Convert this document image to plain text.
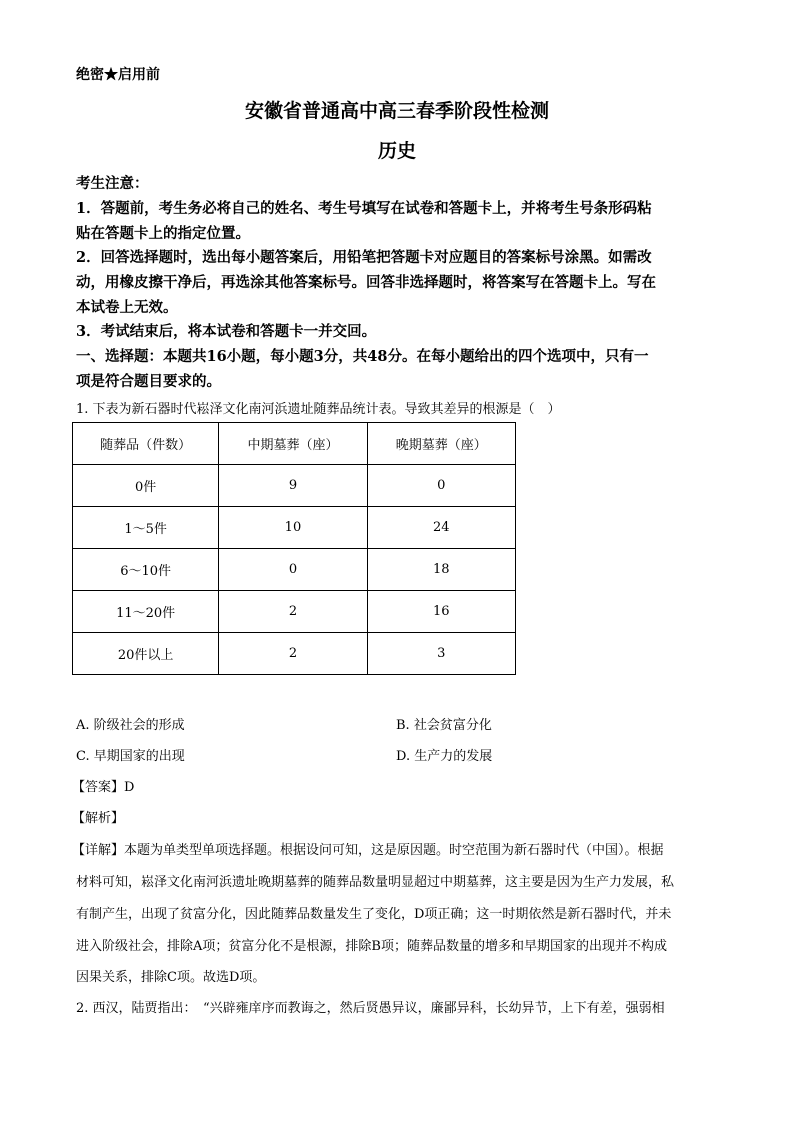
绝密★启用前
安徽省普通高中高三春季阶段性检测
历史
考生注意：
1．答题前，考生务必将自己的姓名、考生号填写在试卷和答题卡上，并将考生号条形码粘
贴在答题卡上的指定位置。
2．回答选择题时，选出每小题答案后，用铅笔把答题卡对应题目的答案标号涂黑。如需改
动，用橡皮擦干净后，再选涂其他答案标号。回答非选择题时，将答案写在答题卡上。写在
本试卷上无效。
3．考试结束后，将本试卷和答题卡一并交回。
一、选择题：本题共16小题，每小题3分，共48分。在每小题给出的四个选项中，只有一
项是符合题目要求的。
1. 下表为新石器时代崧泽文化南河浜遗址随葬品统计表。导致其差异的根源是（　）
随葬品（件数）	中期墓葬（座）	晚期墓葬（座）
0件	9	0
1～5件	10	24
6～10件	0	18
11～20件	2	16
20件以上	2	3
A. 阶级社会的形成	B. 社会贫富分化
C. 早期国家的出现	D. 生产力的发展
【答案】D
【解析】
【详解】本题为单类型单项选择题。根据设问可知，这是原因题。时空范围为新石器时代（中国）。根据
材料可知，崧泽文化南河浜遗址晚期墓葬的随葬品数量明显超过中期墓葬，这主要是因为生产力发展，私
有制产生，出现了贫富分化，因此随葬品数量发生了变化，D项正确；这一时期依然是新石器时代，并未
进入阶级社会，排除A项；贫富分化不是根源，排除B项；随葬品数量的增多和早期国家的出现并不构成
因果关系，排除C项。故选D项。
2. 西汉，陆贾指出：　“兴辟雍庠序而教诲之，然后贤愚异议，廉鄙异科，长幼异节，上下有差，强弱相
